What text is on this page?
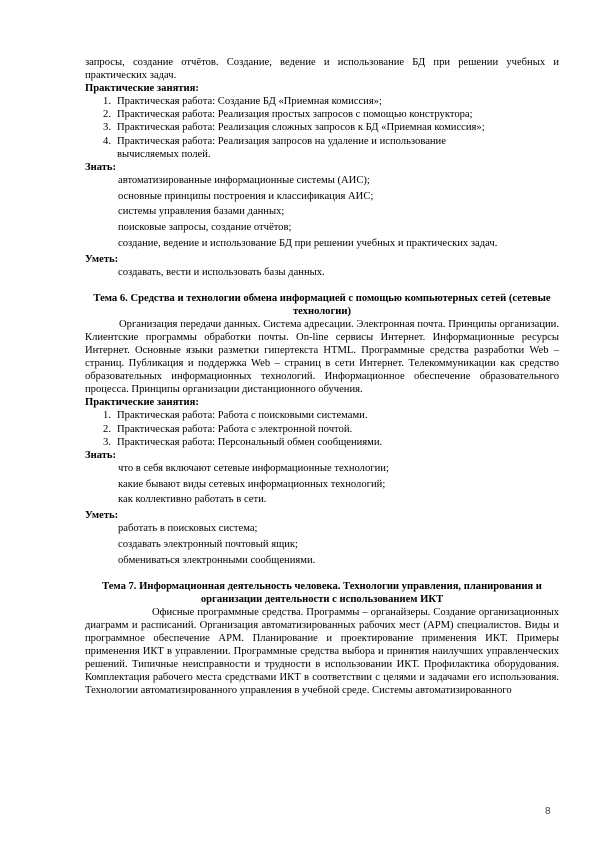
запросы, создание отчётов. Создание, ведение и использование БД при решении учебных и практических задач.

Практические занятия:

1. Практическая работа: Создание БД «Приемная комиссия»;
2. Практическая работа: Реализация простых запросов с помощью конструктора;
3. Практическая работа: Реализация сложных запросов к БД «Приемная комиссия»;
4. Практическая работа: Реализация запросов на удаление и использование вычисляемых полей.

Знать:

автоматизированные информационные системы (АИС);

основные принципы построения и классификация АИС;

системы управления базами данных;

поисковые запросы, создание отчётов;

создание, ведение и использование БД при решении учебных и практических задач.

Уметь:

создавать, вести и использовать базы данных.

Тема 6. Средства и технологии обмена информацией с помощью компьютерных сетей (сетевые технологии)

Организация передачи данных. Система адресации. Электронная почта. Принципы организации. Клиентские программы обработки почты. On-line сервисы Интернет. Информационные ресурсы Интернет. Основные языки разметки гипертекста HTML. Программные средства разработки Web – страниц. Публикация и поддержка Web – страниц в сети Интернет. Телекоммуникации как средство образовательных информационных технологий. Информационное обеспечение образовательного процесса. Принципы организации дистанционного обучения.

Практические занятия:

1. Практическая работа: Работа с поисковыми системами.
2. Практическая работа: Работа с электронной почтой.
3. Практическая работа: Персональный обмен сообщениями.

Знать:

что в себя включают сетевые информационные технологии;

какие бывают виды сетевых информационных технологий;

как коллективно работать в сети.

Уметь:

работать в поисковых система;

создавать электронный почтовый ящик;

обмениваться электронными сообщениями.

Тема 7. Информационная деятельность человека. Технологии управления, планирования и организации деятельности с использованием ИКТ

Офисные программные средства. Программы – органайзеры. Создание организационных диаграмм и расписаний. Организация автоматизированных рабочих мест (АРМ) специалистов. Виды и программное обеспечение АРМ. Планирование и проектирование применения ИКТ. Примеры применения ИКТ в управлении. Программные средства выбора и принятия наилучших управленческих решений. Типичные неисправности и трудности в использовании ИКТ. Профилактика оборудования. Комплектация рабочего места средствами ИКТ в соответствии с целями и задачами его использования. Технологии автоматизированного управления в учебной среде. Системы автоматизированного

8
